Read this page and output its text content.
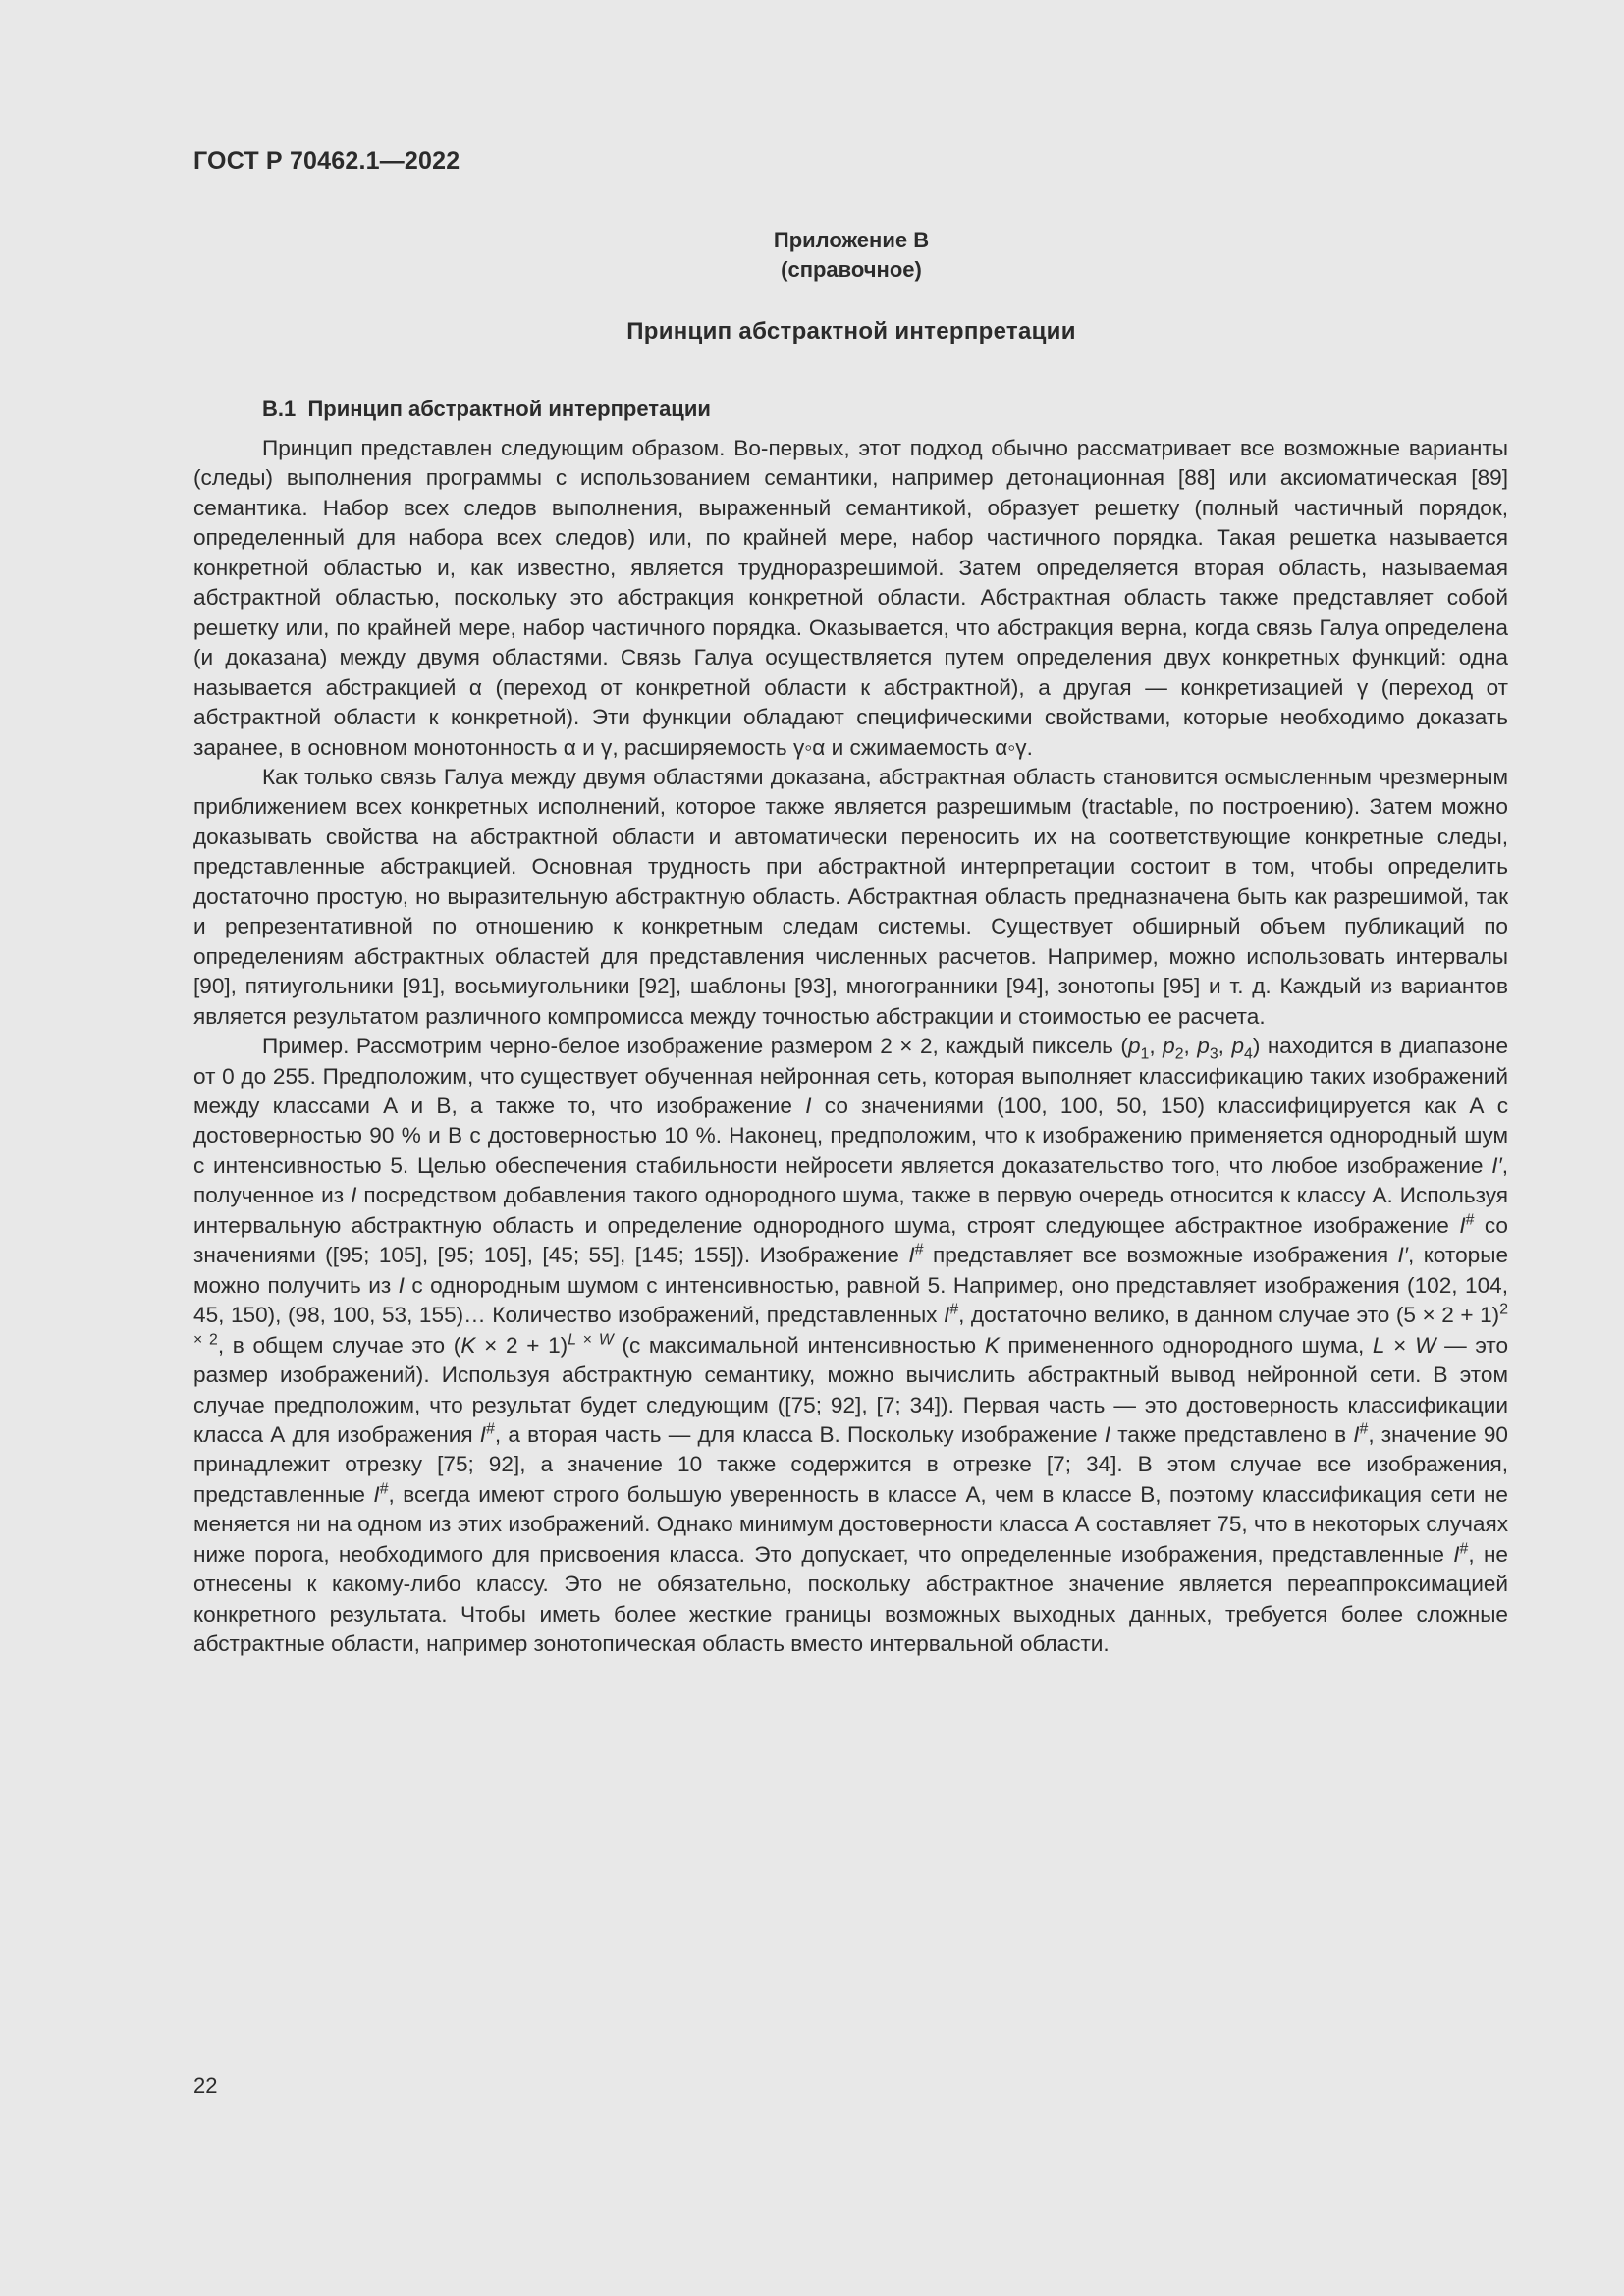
ГОСТ Р 70462.1—2022
Приложение В
(справочное)
Принцип абстрактной интерпретации
В.1 Принцип абстрактной интерпретации

Принцип представлен следующим образом. Во-первых, этот подход обычно рассматривает все возможные варианты (следы) выполнения программы с использованием семантики, например детонационная [88] или аксиоматическая [89] семантика. Набор всех следов выполнения, выраженный семантикой, образует решетку (полный частичный порядок, определенный для набора всех следов) или, по крайней мере, набор частичного порядка. Такая решетка называется конкретной областью и, как известно, является трудноразрешимой. Затем определяется вторая область, называемая абстрактной областью, поскольку это абстракция конкретной области. Абстрактная область также представляет собой решетку или, по крайней мере, набор частичного порядка. Оказывается, что абстракция верна, когда связь Галуа определена (и доказана) между двумя областями. Связь Галуа осуществляется путем определения двух конкретных функций: одна называется абстракцией α (переход от конкретной области к абстрактной), а другая — конкретизацией γ (переход от абстрактной области к конкретной). Эти функции обладают специфическими свойствами, которые необходимо доказать заранее, в основном монотонность α и γ, расширяемость γ◦α и сжимаемость α◦γ.

Как только связь Галуа между двумя областями доказана, абстрактная область становится осмысленным чрезмерным приближением всех конкретных исполнений, которое также является разрешимым (tractable, по построению). Затем можно доказывать свойства на абстрактной области и автоматически переносить их на соответствующие конкретные следы, представленные абстракцией. Основная трудность при абстрактной интерпретации состоит в том, чтобы определить достаточно простую, но выразительную абстрактную область. Абстрактная область предназначена быть как разрешимой, так и репрезентативной по отношению к конкретным следам системы. Существует обширный объем публикаций по определениям абстрактных областей для представления численных расчетов. Например, можно использовать интервалы [90], пятиугольники [91], восьмиугольники [92], шаблоны [93], многогранники [94], зонотопы [95] и т. д. Каждый из вариантов является результатом различного компромисса между точностью абстракции и стоимостью ее расчета.

Пример. Рассмотрим черно-белое изображение размером 2 × 2, каждый пиксель ($p_1$, $p_2$, $p_3$, $p_4$) находится в диапазоне от 0 до 255. Предположим, что существует обученная нейронная сеть, которая выполняет классификацию таких изображений между классами А и В, а также то, что изображение I со значениями (100, 100, 50, 150) классифицируется как А с достоверностью 90 % и В с достоверностью 10 %. Наконец, предположим, что к изображению применяется однородный шум с интенсивностью 5. Целью обеспечения стабильности нейросети является доказательство того, что любое изображение I′, полученное из I посредством добавления такого однородного шума, также в первую очередь относится к классу А. Используя интервальную абстрактную область и определение однородного шума, строят следующее абстрактное изображение I# со значениями ([95; 105], [95; 105], [45; 55], [145; 155]). Изображение I# представляет все возможные изображения I′, которые можно получить из I с однородным шумом с интенсивностью, равной 5. Например, оно представляет изображения (102, 104, 45, 150), (98, 100, 53, 155)… Количество изображений, представленных I#, достаточно велико, в данном случае это $(5 \times 2 + 1)^{2 \times 2}$, в общем случае это $(K \times 2 + 1)^{L \times W}$ (с максимальной интенсивностью K примененного однородного шума, L × W — это размер изображений). Используя абстрактную семантику, можно вычислить абстрактный вывод нейронной сети. В этом случае предположим, что результат будет следующим ([75; 92], [7; 34]). Первая часть — это достоверность классификации класса А для изображения I#, а вторая часть — для класса В. Поскольку изображение I также представлено в I#, значение 90 принадлежит отрезку [75; 92], а значение 10 также содержится в отрезке [7; 34]. В этом случае все изображения, представленные I#, всегда имеют строго большую уверенность в классе А, чем в классе В, поэтому классификация сети не меняется ни на одном из этих изображений. Однако минимум достоверности класса А составляет 75, что в некоторых случаях ниже порога, необходимого для присвоения класса. Это допускает, что определенные изображения, представленные I#, не отнесены к какому-либо классу. Это не обязательно, поскольку абстрактное значение является переаппроксимацией конкретного результата. Чтобы иметь более жесткие границы возможных выходных данных, требуется более сложные абстрактные области, например зонотопическая область вместо интервальной области.

22
